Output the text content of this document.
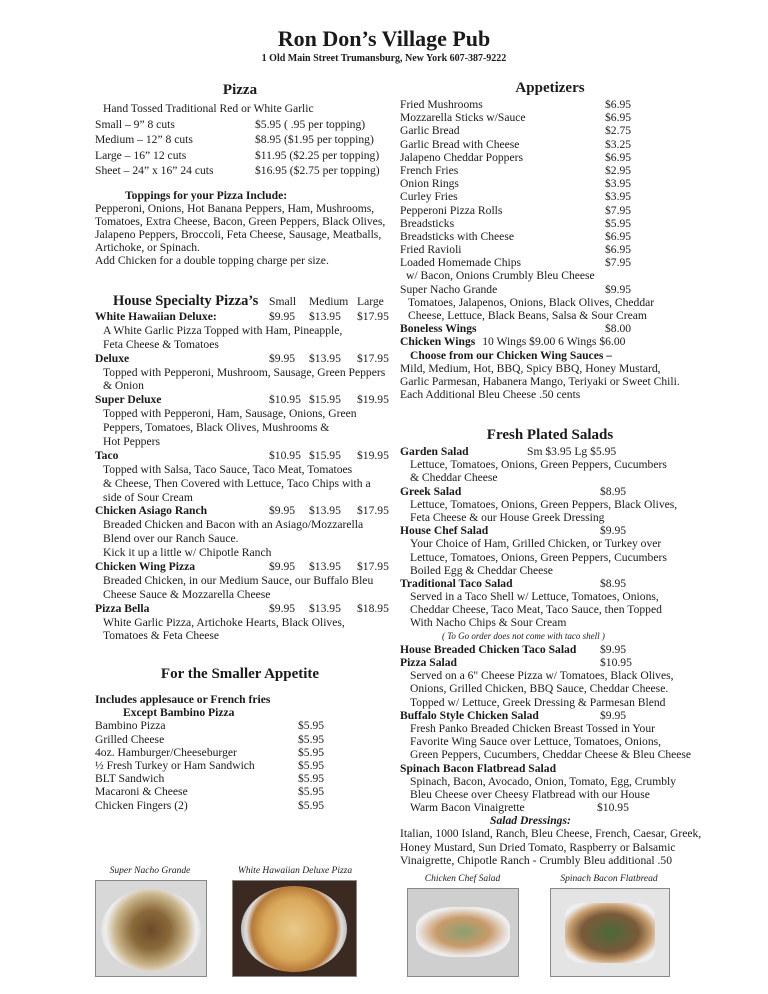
Ron Don’s Village Pub
1 Old Main Street Trumansburg, New York 607-387-9222
Pizza
Hand Tossed Traditional Red or White Garlic
Small – 9” 8 cuts	$5.95 ( .95 per topping)
Medium – 12” 8 cuts	$8.95 ($1.95 per topping)
Large – 16” 12 cuts	$11.95 ($2.25 per topping)
Sheet – 24” x 16” 24 cuts	$16.95 ($2.75 per topping)
Toppings for your Pizza Include:
Pepperoni, Onions, Hot Banana Peppers, Ham, Mushrooms,
Tomatoes, Extra Cheese, Bacon, Green Peppers, Black Olives,
Jalapeno Peppers, Broccoli, Feta Cheese, Sausage, Meatballs,
Artichoke, or Spinach.
Add Chicken for a double topping charge per size.
House Specialty Pizza’s Small Medium Large
White Hawaiian Deluxe:	$9.95 $13.95 $17.95
A White Garlic Pizza Topped with Ham, Pineapple,
Feta Cheese & Tomatoes
Deluxe	$9.95 $13.95 $17.95
Topped with Pepperoni, Mushroom, Sausage, Green Peppers
& Onion
Super Deluxe	$10.95 $15.95 $19.95
Topped with Pepperoni, Ham, Sausage, Onions, Green
Peppers, Tomatoes, Black Olives, Mushrooms &
Hot Peppers
Taco	$10.95 $15.95 $19.95
Topped with Salsa, Taco Sauce, Taco Meat, Tomatoes
& Cheese, Then Covered with Lettuce, Taco Chips with a
side of Sour Cream
Chicken Asiago Ranch	$9.95 $13.95 $17.95
Breaded Chicken and Bacon with an Asiago/Mozzarella
Blend over our Ranch Sauce.
Kick it up a little w/ Chipotle Ranch
Chicken Wing Pizza	$9.95 $13.95 $17.95
Breaded Chicken, in our Medium Sauce, our Buffalo Bleu
Cheese Sauce & Mozzarella Cheese
Pizza Bella	$9.95 $13.95 $18.95
White Garlic Pizza, Artichoke Hearts, Black Olives,
Tomatoes & Feta Cheese
For the Smaller Appetite
Includes applesauce or French fries
Except Bambino Pizza
Bambino Pizza	$5.95
Grilled Cheese	$5.95
4oz. Hamburger/Cheeseburger	$5.95
½ Fresh Turkey or Ham Sandwich	$5.95
BLT Sandwich	$5.95
Macaroni & Cheese	$5.95
Chicken Fingers (2)	$5.95
Appetizers
Fried Mushrooms	$6.95
Mozzarella Sticks w/Sauce	$6.95
Garlic Bread	$2.75
Garlic Bread with Cheese	$3.25
Jalapeno Cheddar Poppers	$6.95
French Fries	$2.95
Onion Rings	$3.95
Curley Fries	$3.95
Pepperoni Pizza Rolls	$7.95
Breadsticks	$5.95
Breadsticks with Cheese	$6.95
Fried Ravioli	$6.95
Loaded Homemade Chips	$7.95
w/ Bacon, Onions Crumbly Bleu Cheese
Super Nacho Grande	$9.95
Tomatoes, Jalapenos, Onions, Black Olives, Cheddar
Cheese, Lettuce, Black Beans, Salsa & Sour Cream
Boneless Wings	$8.00
Chicken Wings 10 Wings $9.00 6 Wings $6.00
Choose from our Chicken Wing Sauces –
Mild, Medium, Hot, BBQ, Spicy BBQ, Honey Mustard,
Garlic Parmesan, Habanera Mango, Teriyaki or Sweet Chili.
Each Additional Bleu Cheese .50 cents
Fresh Plated Salads
Garden Salad	Sm $3.95 Lg $5.95
Lettuce, Tomatoes, Onions, Green Peppers, Cucumbers
& Cheddar Cheese
Greek Salad	$8.95
Lettuce, Tomatoes, Onions, Green Peppers, Black Olives,
Feta Cheese & our House Greek Dressing
House Chef Salad	$9.95
Your Choice of Ham, Grilled Chicken, or Turkey over
Lettuce, Tomatoes, Onions, Green Peppers, Cucumbers
Boiled Egg & Cheddar Cheese
Traditional Taco Salad	$8.95
Served in a Taco Shell w/ Lettuce, Tomatoes, Onions,
Cheddar Cheese, Taco Meat, Taco Sauce, then Topped
With Nacho Chips & Sour Cream
( To Go order does not come with taco shell )
House Breaded Chicken Taco Salad $9.95
Pizza Salad	$10.95
Served on a 6" Cheese Pizza w/ Tomatoes, Black Olives,
Onions, Grilled Chicken, BBQ Sauce, Cheddar Cheese.
Topped w/ Lettuce, Greek Dressing & Parmesan Blend
Buffalo Style Chicken Salad	$9.95
Fresh Panko Breaded Chicken Breast Tossed in Your
Favorite Wing Sauce over Lettuce, Tomatoes, Onions,
Green Peppers, Cucumbers, Cheddar Cheese & Bleu Cheese
Spinach Bacon Flatbread Salad
Spinach, Bacon, Avocado, Onion, Tomato, Egg, Crumbly
Bleu Cheese over Cheesy Flatbread with our House
Warm Bacon Vinaigrette	$10.95
Salad Dressings:
Italian, 1000 Island, Ranch, Bleu Cheese, French, Caesar, Greek,
Honey Mustard, Sun Dried Tomato, Raspberry or Balsamic
Vinaigrette, Chipotle Ranch - Crumbly Bleu additional .50
Super Nacho Grande	White Hawaiian Deluxe Pizza
Chicken Chef Salad	Spinach Bacon Flatbread
